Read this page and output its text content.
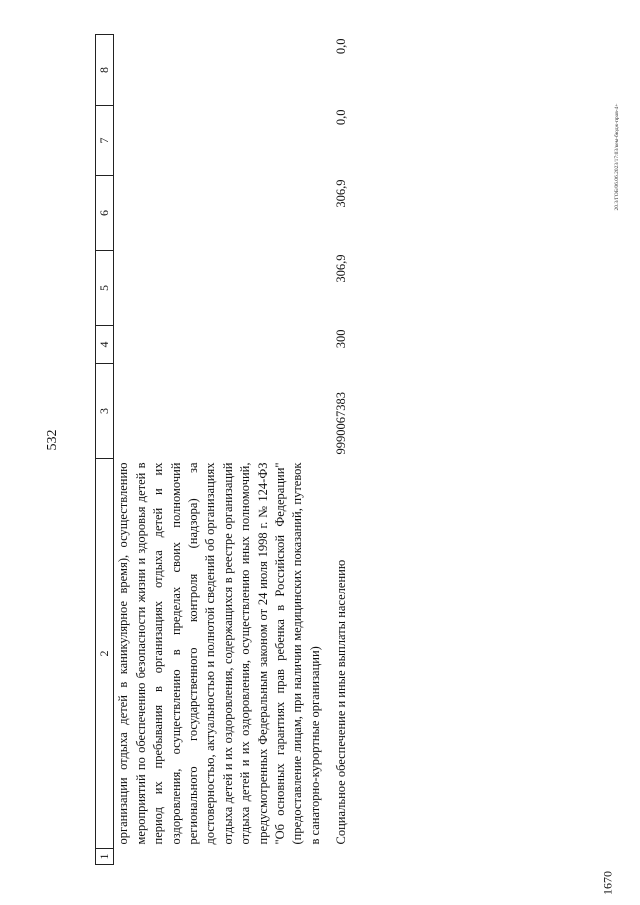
532
20.3/ГОБ/06.06.2023/17:03/кем-бюдж-прав-4+
1670
1	2	3	4	5	6	7	8
	организации отдыха детей в каникулярное время), осуществлению мероприятий по обеспечению безопасности жизни и здоровья детей в период их пребывания в организациях отдыха детей и их оздоровления, осуществлению в пределах своих полномочий регионального государственного контроля (надзора) за достоверностью, актуальностью и полнотой сведений об организациях отдыха детей и их оздоровления, содержащихся в реестре организаций отдыха детей и их оздоровления, осуществлению иных полномочий, предусмотренных Федеральным законом от 24 июля 1998 г. № 124-ФЗ "Об основных гарантиях прав ребенка в Российской Федерации" (предоставление лицам, при наличии медицинских показаний, путевок в санаторно-курортные организации)						
	Социальное обеспечение и иные выплаты населению	9990067383	300	306,9	306,9	0,0	0,0
